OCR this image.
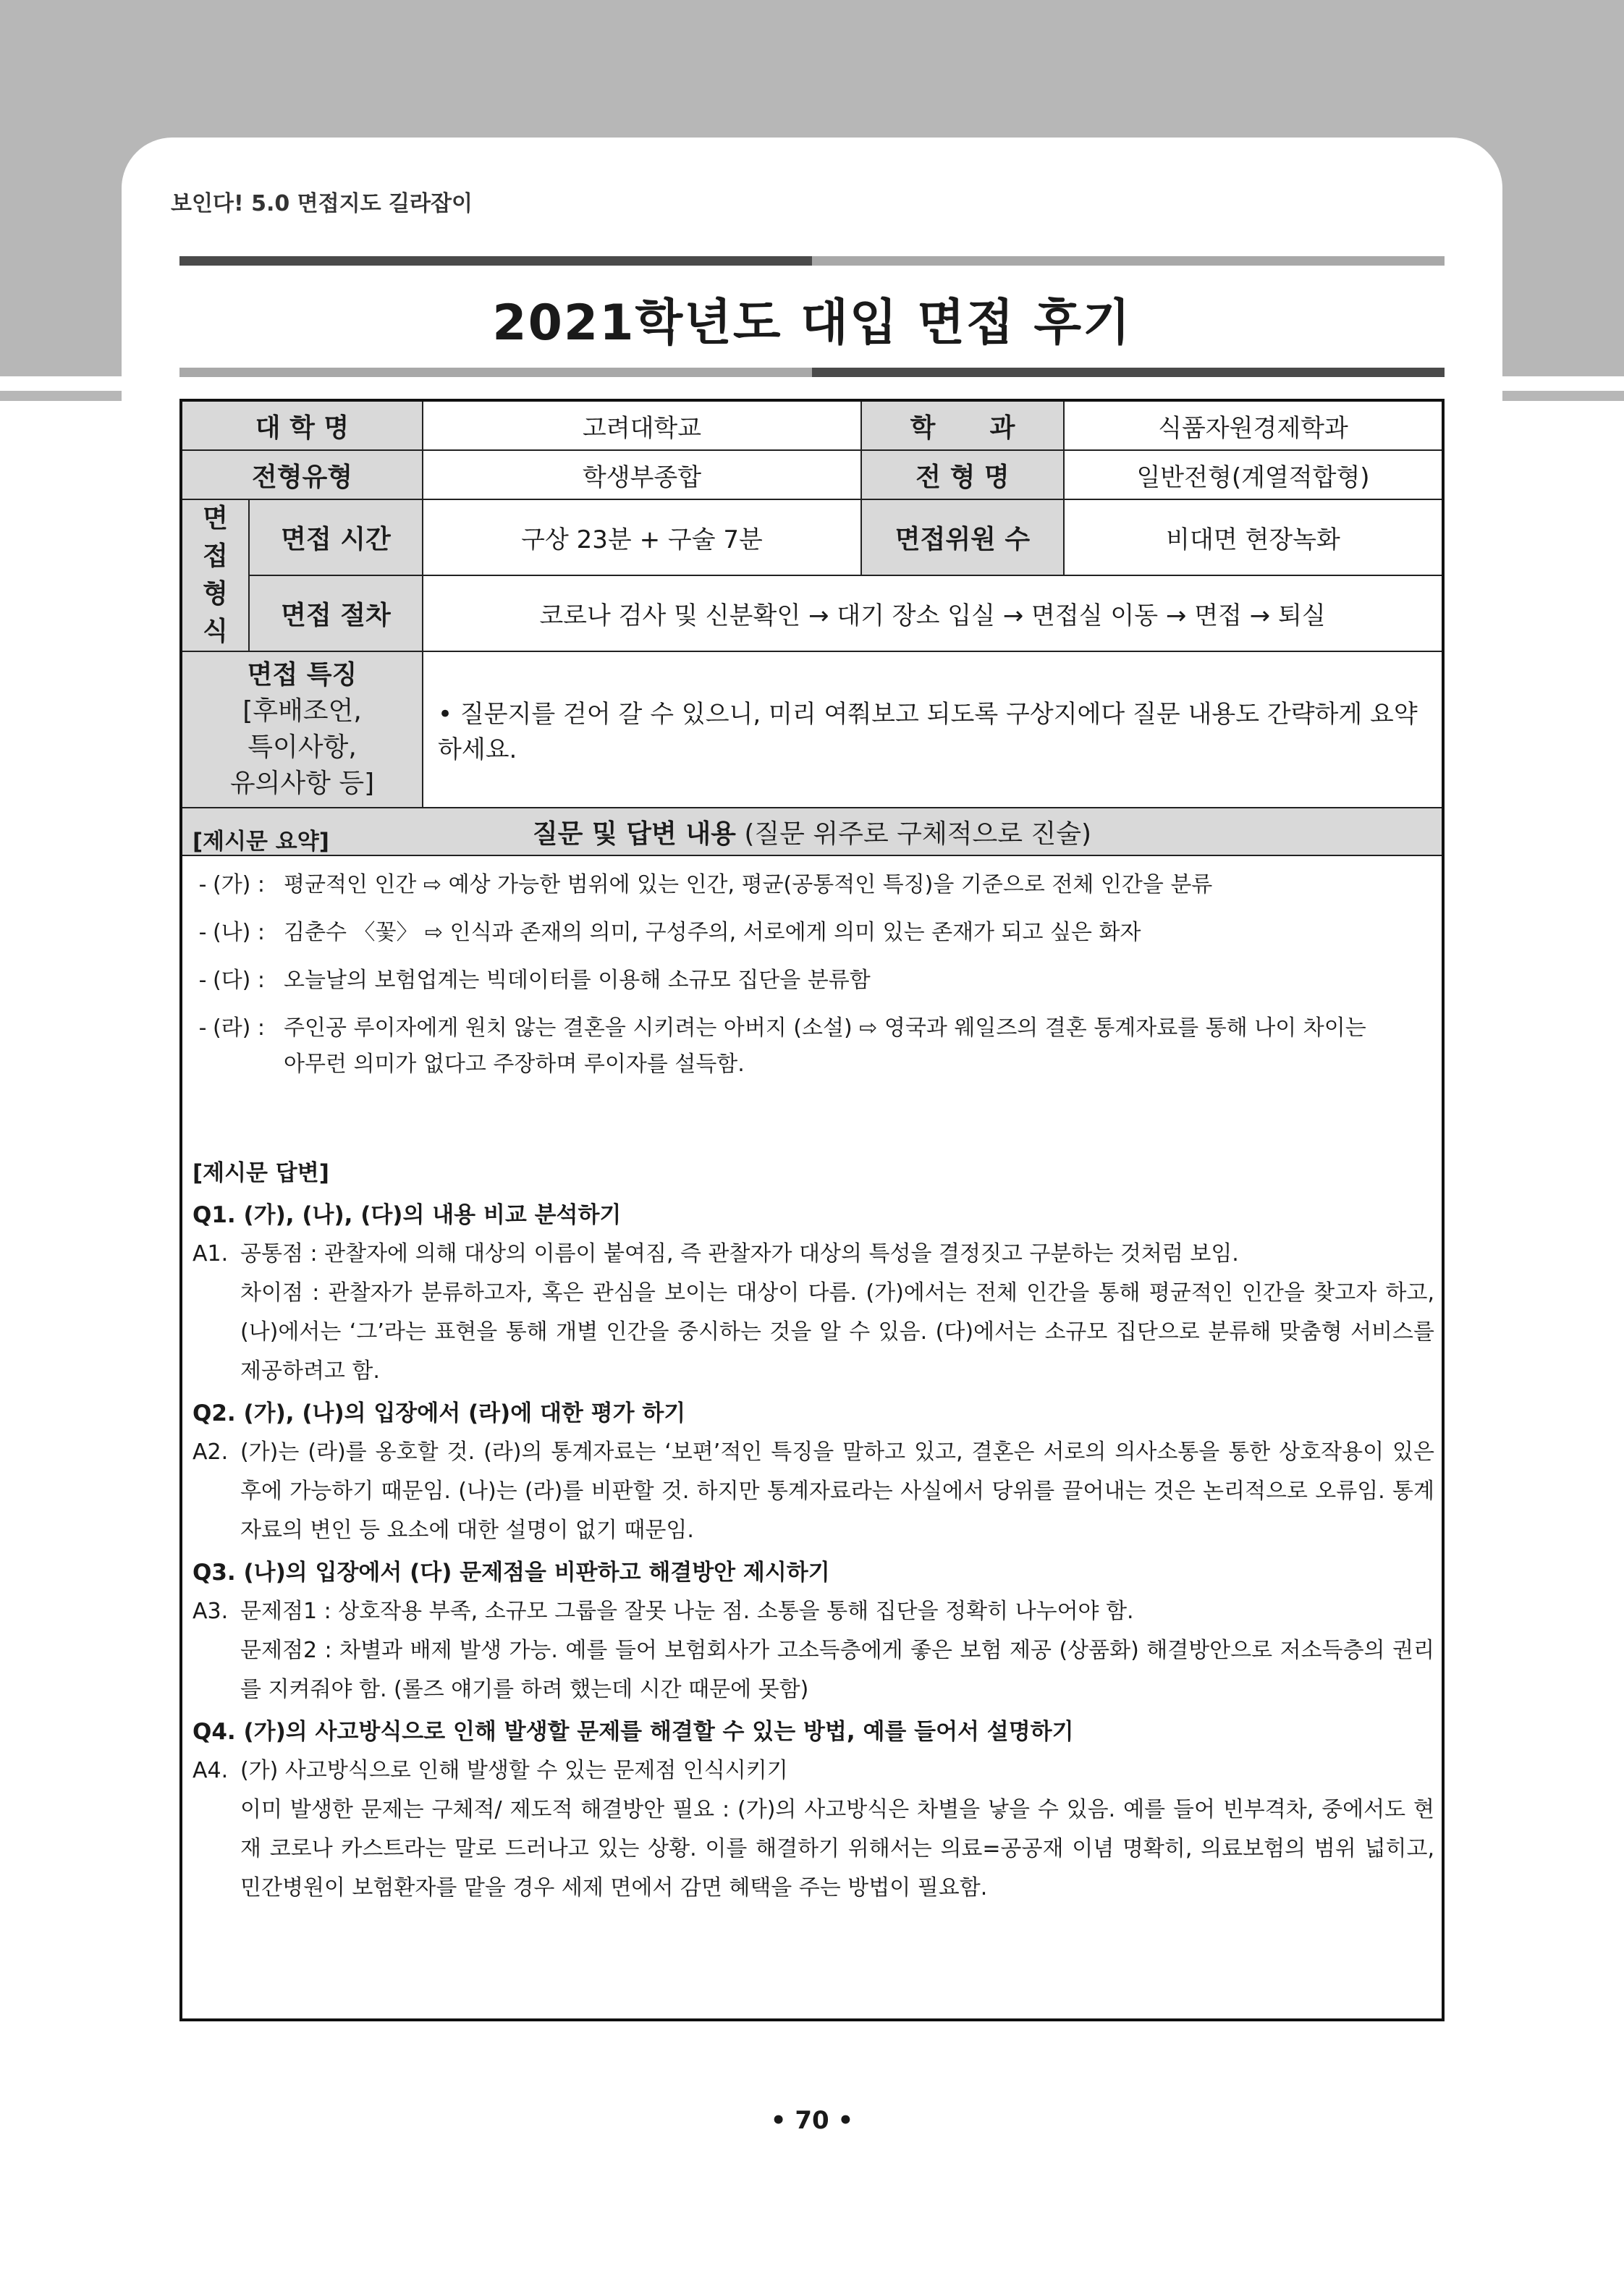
보인다! 5.0 면접지도 길라잡이
2021학년도 대입 면접 후기
대 학 명		고려대학교	학      과	식품자원경제학과
전형유형		학생부종합	전 형 명	일반전형(계열적합형)
면접 형식	면접 시간	구상 23분 + 구술 7분	면접위원 수	비대면 현장녹화
	면접 절차	코로나 검사 및 신분확인 → 대기 장소 입실 → 면접실 이동 → 면접 → 퇴실		

면접 특징
[후배조언,
특이사항,
유의사항 등]		• 질문지를 걷어 갈 수 있으니, 미리 여쭤보고 되도록 구상지에다 질문 내용도 간략하게 요약하세요.		
질문 및 답변 내용 (질문 위주로 구체적으로 진술)				
[제시문 요약]
- (가) : 평균적인 인간 ⇨ 예상 가능한 범위에 있는 인간, 평균(공통적인 특징)을 기준으로 전체 인간을 분류
- (나) : 김춘수 〈꽃〉 ⇨ 인식과 존재의 의미, 구성주의, 서로에게 의미 있는 존재가 되고 싶은 화자
- (다) : 오늘날의 보험업계는 빅데이터를 이용해 소규모 집단을 분류함
- (라) : 주인공 루이자에게 원치 않는 결혼을 시키려는 아버지 (소설) ⇨ 영국과 웨일즈의 결혼 통계자료를 통해 나이 차이는
아무런 의미가 없다고 주장하며 루이자를 설득함.
[제시문 답변]
Q1. (가), (나), (다)의 내용 비교 분석하기
A1. 공통점 : 관찰자에 의해 대상의 이름이 붙여짐, 즉 관찰자가 대상의 특성을 결정짓고 구분하는 것처럼 보임.
차이점 : 관찰자가 분류하고자, 혹은 관심을 보이는 대상이 다름. (가)에서는 전체 인간을 통해 평균적인 인간을 찾고자 하고, (나)에서는 ‘그’라는 표현을 통해 개별 인간을 중시하는 것을 알 수 있음. (다)에서는 소규모 집단으로 분류해 맞춤형 서비스를 제공하려고 함.
Q2. (가), (나)의 입장에서 (라)에 대한 평가 하기
A2. (가)는 (라)를 옹호할 것. (라)의 통계자료는 ‘보편’적인 특징을 말하고 있고, 결혼은 서로의 의사소통을 통한 상호작용이 있은 후에 가능하기 때문임. (나)는 (라)를 비판할 것. 하지만 통계자료라는 사실에서 당위를 끌어내는 것은 논리적으로 오류임. 통계자료의 변인 등 요소에 대한 설명이 없기 때문임.
Q3. (나)의 입장에서 (다) 문제점을 비판하고 해결방안 제시하기
A3. 문제점1 : 상호작용 부족, 소규모 그룹을 잘못 나눈 점. 소통을 통해 집단을 정확히 나누어야 함.
문제점2 : 차별과 배제 발생 가능. 예를 들어 보험회사가 고소득층에게 좋은 보험 제공 (상품화) 해결방안으로 저소득층의 권리를 지켜줘야 함. (롤즈 얘기를 하려 했는데 시간 때문에 못함)
Q4. (가)의 사고방식으로 인해 발생할 문제를 해결할 수 있는 방법, 예를 들어서 설명하기
A4. (가) 사고방식으로 인해 발생할 수 있는 문제점 인식시키기
이미 발생한 문제는 구체적/ 제도적 해결방안 필요 : (가)의 사고방식은 차별을 낳을 수 있음. 예를 들어 빈부격차, 중에서도 현재 코로나 카스트라는 말로 드러나고 있는 상황. 이를 해결하기 위해서는 의료=공공재 이념 명확히, 의료보험의 범위 넓히고, 민간병원이 보험환자를 맡을 경우 세제 면에서 감면 혜택을 주는 방법이 필요함.
• 70 •
